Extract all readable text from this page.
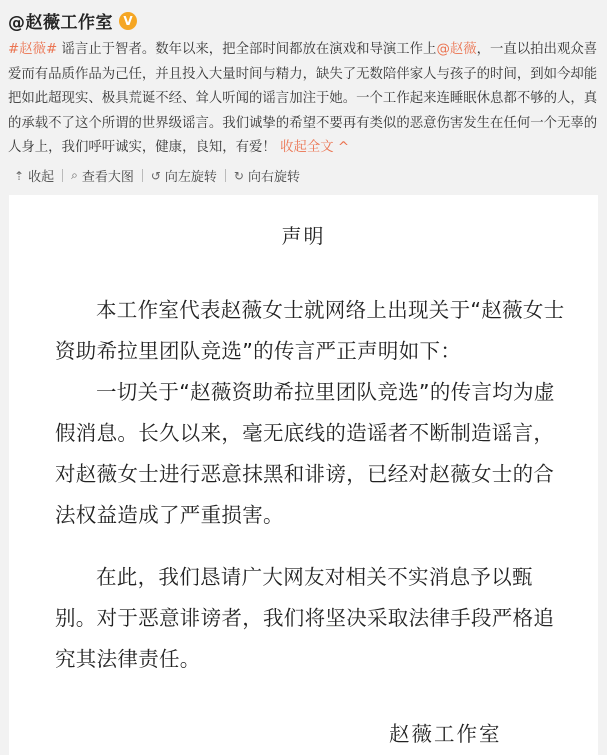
@赵薇工作室 V
#赵薇# 谣言止于智者。数年以来，把全部时间都放在演戏和导演工作上@赵薇，一直以拍出观众喜爱而有品质作品为己任，并且投入大量时间与精力，缺失了无数陪伴家人与孩子的时间，到如今却能把如此超现实、极具荒诞不经、耸人听闻的谣言加注于她。一个工作起来连睡眠休息都不够的人，真的承载不了这个所谓的世界级谣言。我们诚挚的希望不要再有类似的恶意伤害发生在任何一个无辜的人身上，我们呼吁诚实，健康，良知，有爱！ 收起全文 ^
⇡ 收起 ⌕ 查看大图 ↺ 向左旋转 ↻ 向右旋转
声明
本工作室代表赵薇女士就网络上出现关于“赵薇女士资助希拉里团队竞选”的传言严正声明如下：
一切关于“赵薇资助希拉里团队竞选”的传言均为虚假消息。长久以来，毫无底线的造谣者不断制造谣言，对赵薇女士进行恶意抹黑和诽谤，已经对赵薇女士的合法权益造成了严重损害。
在此，我们恳请广大网友对相关不实消息予以甄别。对于恶意诽谤者，我们将坚决采取法律手段严格追究其法律责任。
赵薇工作室
